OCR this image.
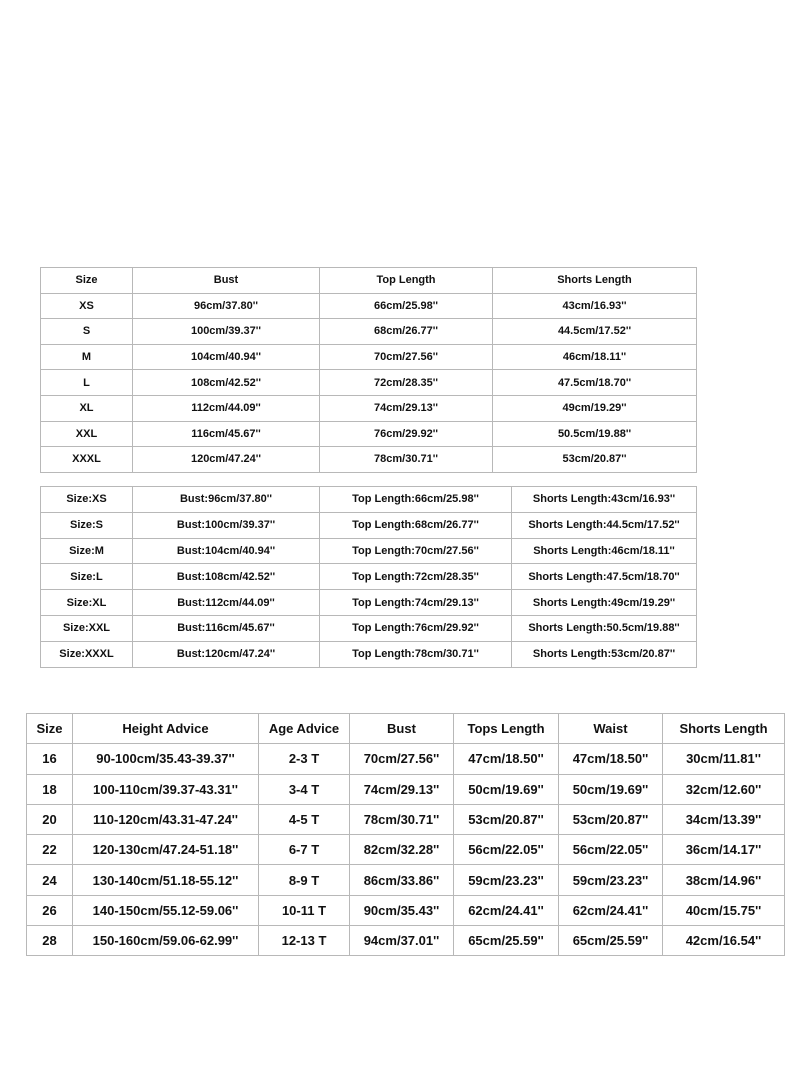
Size	Bust	Top Length	Shorts Length
XS	96cm/37.80''	66cm/25.98''	43cm/16.93''
S	100cm/39.37''	68cm/26.77''	44.5cm/17.52''
M	104cm/40.94''	70cm/27.56''	46cm/18.11''
L	108cm/42.52''	72cm/28.35''	47.5cm/18.70''
XL	112cm/44.09''	74cm/29.13''	49cm/19.29''
XXL	116cm/45.67''	76cm/29.92''	50.5cm/19.88''
XXXL	120cm/47.24''	78cm/30.71''	53cm/20.87''
Size:XS	Bust:96cm/37.80''	Top Length:66cm/25.98''	Shorts Length:43cm/16.93''
Size:S	Bust:100cm/39.37''	Top Length:68cm/26.77''	Shorts Length:44.5cm/17.52''
Size:M	Bust:104cm/40.94''	Top Length:70cm/27.56''	Shorts Length:46cm/18.11''
Size:L	Bust:108cm/42.52''	Top Length:72cm/28.35''	Shorts Length:47.5cm/18.70''
Size:XL	Bust:112cm/44.09''	Top Length:74cm/29.13''	Shorts Length:49cm/19.29''
Size:XXL	Bust:116cm/45.67''	Top Length:76cm/29.92''	Shorts Length:50.5cm/19.88''
Size:XXXL	Bust:120cm/47.24''	Top Length:78cm/30.71''	Shorts Length:53cm/20.87''
Size	Height Advice	Age Advice	Bust	Tops Length	Waist	Shorts Length
16	90-100cm/35.43-39.37''	2-3 T	70cm/27.56''	47cm/18.50''	47cm/18.50''	30cm/11.81''
18	100-110cm/39.37-43.31''	3-4 T	74cm/29.13''	50cm/19.69''	50cm/19.69''	32cm/12.60''
20	110-120cm/43.31-47.24''	4-5 T	78cm/30.71''	53cm/20.87''	53cm/20.87''	34cm/13.39''
22	120-130cm/47.24-51.18''	6-7 T	82cm/32.28''	56cm/22.05''	56cm/22.05''	36cm/14.17''
24	130-140cm/51.18-55.12''	8-9 T	86cm/33.86''	59cm/23.23''	59cm/23.23''	38cm/14.96''
26	140-150cm/55.12-59.06''	10-11 T	90cm/35.43''	62cm/24.41''	62cm/24.41''	40cm/15.75''
28	150-160cm/59.06-62.99''	12-13 T	94cm/37.01''	65cm/25.59''	65cm/25.59''	42cm/16.54''
